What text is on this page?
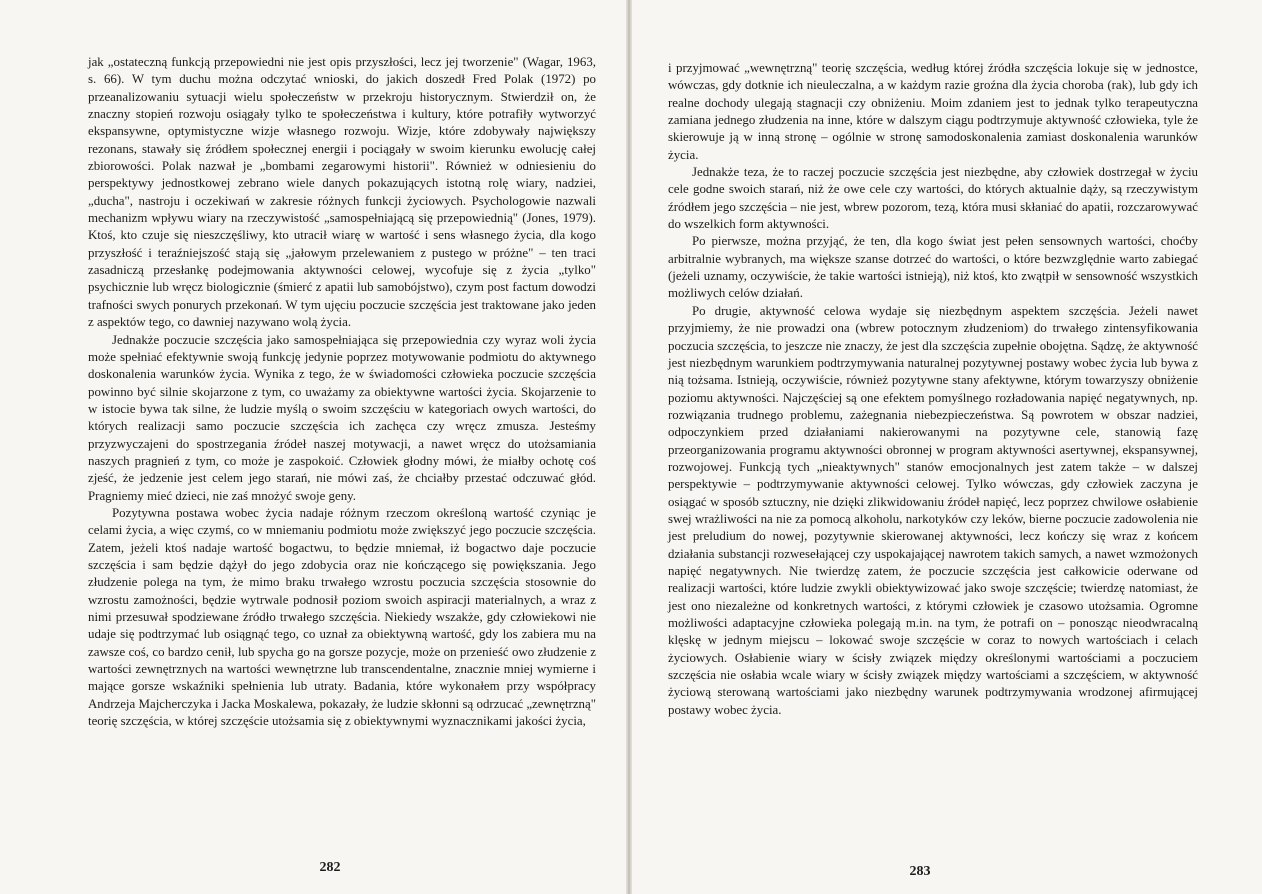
jak „ostateczną funkcją przepowiedni nie jest opis przyszłości, lecz jej tworzenie" (Wagar, 1963, s. 66). W tym duchu można odczytać wnioski, do jakich doszedł Fred Polak (1972) po przeanalizowaniu sytuacji wielu społeczeństw w przekroju historycznym. Stwierdził on, że znaczny stopień rozwoju osiągały tylko te społeczeństwa i kultury, które potrafiły wytworzyć ekspansywne, optymistyczne wizje własnego rozwoju. Wizje, które zdobywały największy rezonans, stawały się źródłem społecznej energii i pociągały w swoim kierunku ewolucję całej zbiorowości. Polak nazwał je „bombami zegarowymi historii". Również w odniesieniu do perspektywy jednostkowej zebrano wiele danych pokazujących istotną rolę wiary, nadziei, „ducha", nastroju i oczekiwań w zakresie różnych funkcji życiowych. Psychologowie nazwali mechanizm wpływu wiary na rzeczywistość „samospełniającą się przepowiednią" (Jones, 1979). Ktoś, kto czuje się nieszczęśliwy, kto utracił wiarę w wartość i sens własnego życia, dla kogo przyszłość i teraźniejszość stają się „jałowym przelewaniem z pustego w próżne" – ten traci zasadniczą przesłankę podejmowania aktywności celowej, wycofuje się z życia „tylko" psychicznie lub wręcz biologicznie (śmierć z apatii lub samobójstwo), czym post factum dowodzi trafności swych ponurych przekonań. W tym ujęciu poczucie szczęścia jest traktowane jako jeden z aspektów tego, co dawniej nazywano wolą życia.

Jednakże poczucie szczęścia jako samospełniająca się przepowiednia czy wyraz woli życia może spełniać efektywnie swoją funkcję jedynie poprzez motywowanie podmiotu do aktywnego doskonalenia warunków życia. Wynika z tego, że w świadomości człowieka poczucie szczęścia powinno być silnie skojarzone z tym, co uważamy za obiektywne wartości życia. Skojarzenie to w istocie bywa tak silne, że ludzie myślą o swoim szczęściu w kategoriach owych wartości, do których realizacji samo poczucie szczęścia ich zachęca czy wręcz zmusza. Jesteśmy przyzwyczajeni do spostrzegania źródeł naszej motywacji, a nawet wręcz do utożsamiania naszych pragnień z tym, co może je zaspokoić. Człowiek głodny mówi, że miałby ochotę coś zjeść, że jedzenie jest celem jego starań, nie mówi zaś, że chciałby przestać odczuwać głód. Pragniemy mieć dzieci, nie zaś mnożyć swoje geny.

Pozytywna postawa wobec życia nadaje różnym rzeczom określoną wartość czyniąc je celami życia, a więc czymś, co w mniemaniu podmiotu może zwiększyć jego poczucie szczęścia. Zatem, jeżeli ktoś nadaje wartość bogactwu, to będzie mniemał, iż bogactwo daje poczucie szczęścia i sam będzie dążył do jego zdobycia oraz nie kończącego się powiększania. Jego złudzenie polega na tym, że mimo braku trwałego wzrostu poczucia szczęścia stosownie do wzrostu zamożności, będzie wytrwale podnosił poziom swoich aspiracji materialnych, a wraz z nimi przesuwał spodziewane źródło trwałego szczęścia. Niekiedy wszakże, gdy człowiekowi nie udaje się podtrzymać lub osiągnąć tego, co uznał za obiektywną wartość, gdy los zabiera mu na zawsze coś, co bardzo cenił, lub spycha go na gorsze pozycje, może on przenieść owo złudzenie z wartości zewnętrznych na wartości wewnętrzne lub transcendentalne, znacznie mniej wymierne i mające gorsze wskaźniki spełnienia lub utraty. Badania, które wykonałem przy współpracy Andrzeja Majcherczyka i Jacka Moskalewa, pokazały, że ludzie skłonni są odrzucać „zewnętrzną" teorię szczęścia, w której szczęście utożsamia się z obiektywnymi wyznacznikami jakości życia,

282

i przyjmować „wewnętrzną" teorię szczęścia, według której źródła szczęścia lokuje się w jednostce, wówczas, gdy dotknie ich nieuleczalna, a w każdym razie groźna dla życia choroba (rak), lub gdy ich realne dochody ulegają stagnacji czy obniżeniu. Moim zdaniem jest to jednak tylko terapeutyczna zamiana jednego złudzenia na inne, które w dalszym ciągu podtrzymuje aktywność człowieka, tyle że skierowuje ją w inną stronę – ogólnie w stronę samodoskonalenia zamiast doskonalenia warunków życia.

Jednakże teza, że to raczej poczucie szczęścia jest niezbędne, aby człowiek dostrzegał w życiu cele godne swoich starań, niż że owe cele czy wartości, do których aktualnie dąży, są rzeczywistym źródłem jego szczęścia – nie jest, wbrew pozorom, tezą, która musi skłaniać do apatii, rozczarowywać do wszelkich form aktywności.

Po pierwsze, można przyjąć, że ten, dla kogo świat jest pełen sensownych wartości, choćby arbitralnie wybranych, ma większe szanse dotrzeć do wartości, o które bezwzględnie warto zabiegać (jeżeli uznamy, oczywiście, że takie wartości istnieją), niż ktoś, kto zwątpił w sensowność wszystkich możliwych celów działań.

Po drugie, aktywność celowa wydaje się niezbędnym aspektem szczęścia. Jeżeli nawet przyjmiemy, że nie prowadzi ona (wbrew potocznym złudzeniom) do trwałego zintensyfikowania poczucia szczęścia, to jeszcze nie znaczy, że jest dla szczęścia zupełnie obojętna. Sądzę, że aktywność jest niezbędnym warunkiem podtrzymywania naturalnej pozytywnej postawy wobec życia lub bywa z nią tożsama. Istnieją, oczywiście, również pozytywne stany afektywne, którym towarzyszy obniżenie poziomu aktywności. Najczęściej są one efektem pomyślnego rozładowania napięć negatywnych, np. rozwiązania trudnego problemu, zażegnania niebezpieczeństwa. Są powrotem w obszar nadziei, odpoczynkiem przed działaniami nakierowanymi na pozytywne cele, stanowią fazę przeorganizowania programu aktywności obronnej w program aktywności asertywnej, ekspansywnej, rozwojowej. Funkcją tych „nieaktywnych" stanów emocjonalnych jest zatem także – w dalszej perspektywie – podtrzymywanie aktywności celowej. Tylko wówczas, gdy człowiek zaczyna je osiągać w sposób sztuczny, nie dzięki zlikwidowaniu źródeł napięć, lecz poprzez chwilowe osłabienie swej wrażliwości na nie za pomocą alkoholu, narkotyków czy leków, bierne poczucie zadowolenia nie jest preludium do nowej, pozytywnie skierowanej aktywności, lecz kończy się wraz z końcem działania substancji rozwesełającej czy uspokajającej nawrotem takich samych, a nawet wzmożonych napięć negatywnych. Nie twierdzę zatem, że poczucie szczęścia jest całkowicie oderwane od realizacji wartości, które ludzie zwykli obiektywizować jako swoje szczęście; twierdzę natomiast, że jest ono niezależne od konkretnych wartości, z którymi człowiek je czasowo utożsamia. Ogromne możliwości adaptacyjne człowieka polegają m.in. na tym, że potrafi on – ponosząc nieodwracalną klęskę w jednym miejscu – lokować swoje szczęście w coraz to nowych wartościach i celach życiowych. Osłabienie wiary w ścisły związek między określonymi wartościami a poczuciem szczęścia nie osłabia wcale wiary w ścisły związek między wartościami a szczęściem, w aktywność życiową sterowaną wartościami jako niezbędny warunek podtrzymywania wrodzonej afirmującej postawy wobec życia.

283
